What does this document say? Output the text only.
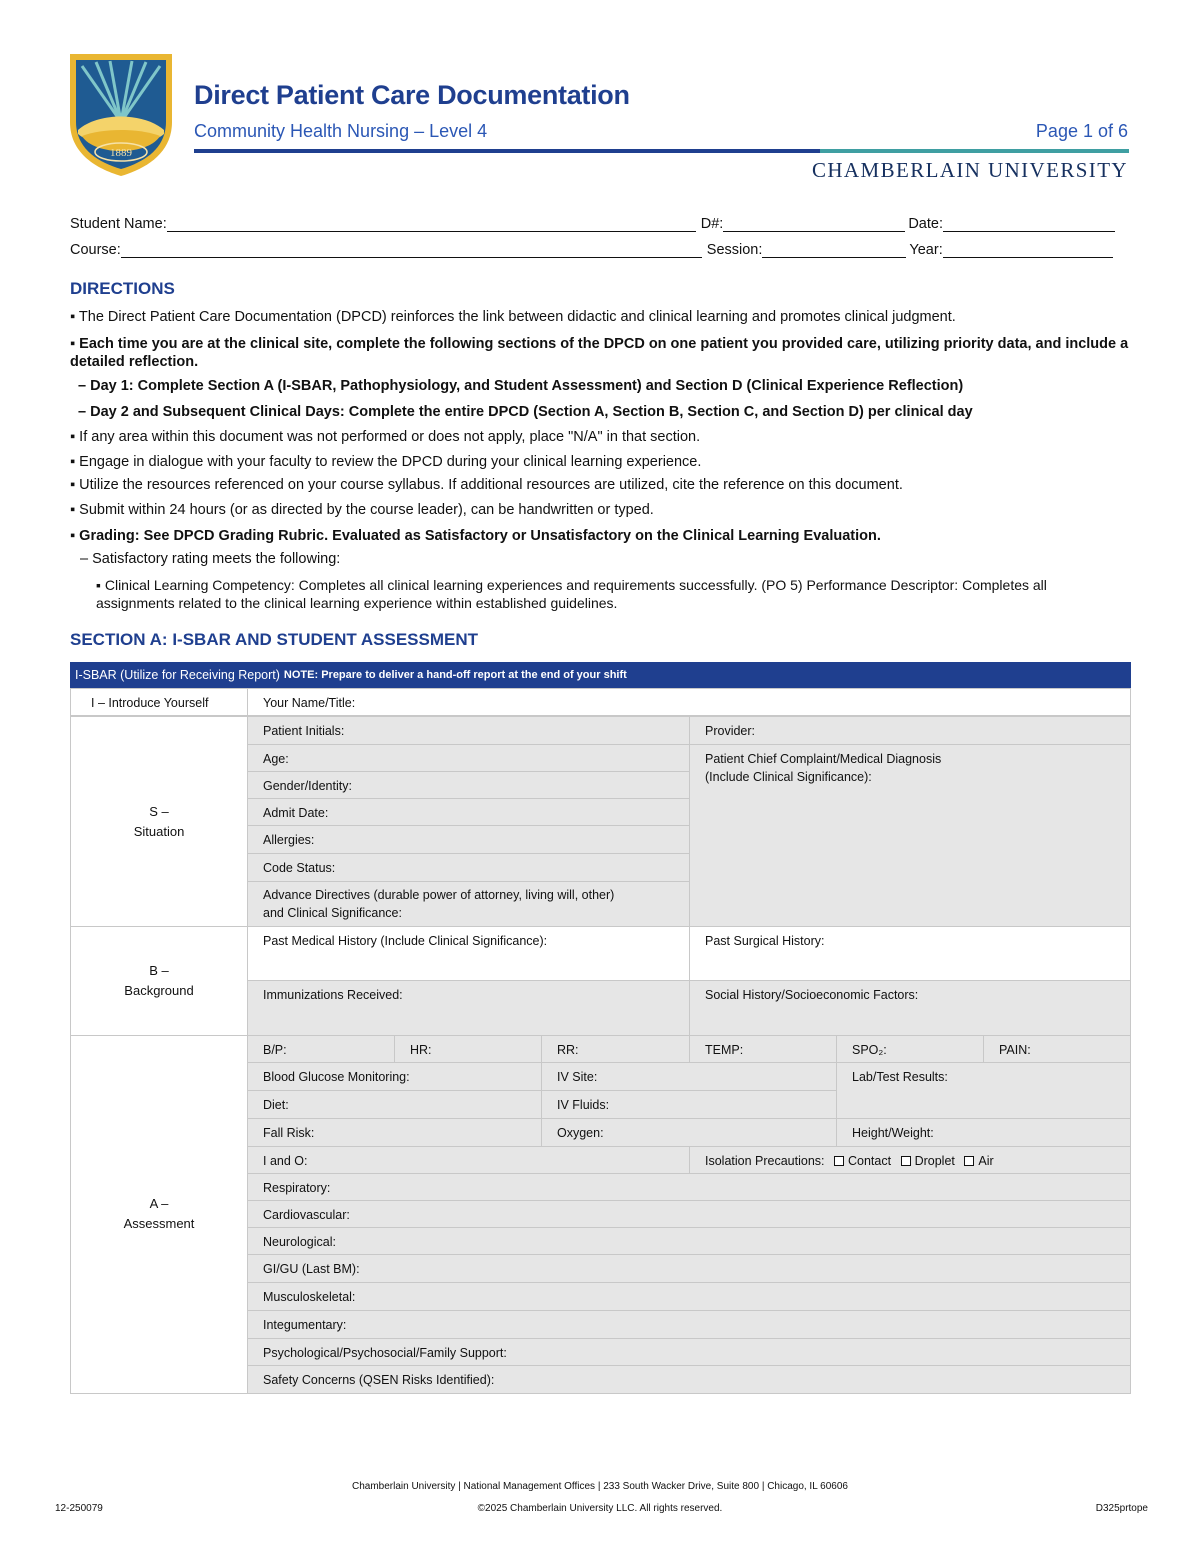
1889
Direct Patient Care Documentation
Community Health Nursing – Level 4	Page 1 of 6
CHAMBERLAIN UNIVERSITY
Student Name:	D#:	Date:
Course:	Session:	Year:
DIRECTIONS
▪ The Direct Patient Care Documentation (DPCD) reinforces the link between didactic and clinical learning and promotes clinical judgment.
▪ Each time you are at the clinical site, complete the following sections of the DPCD on one patient you provided care, utilizing priority data, and include a detailed reflection.
– Day 1: Complete Section A (I-SBAR, Pathophysiology, and Student Assessment) and Section D (Clinical Experience Reflection)
– Day 2 and Subsequent Clinical Days: Complete the entire DPCD (Section A, Section B, Section C, and Section D) per clinical day
▪ If any area within this document was not performed or does not apply, place "N/A" in that section.
▪ Engage in dialogue with your faculty to review the DPCD during your clinical learning experience.
▪ Utilize the resources referenced on your course syllabus. If additional resources are utilized, cite the reference on this document.
▪ Submit within 24 hours (or as directed by the course leader), can be handwritten or typed.
▪ Grading: See DPCD Grading Rubric. Evaluated as Satisfactory or Unsatisfactory on the Clinical Learning Evaluation.
– Satisfactory rating meets the following:
▪ Clinical Learning Competency: Completes all clinical learning experiences and requirements successfully. (PO 5) Performance Descriptor: Completes all assignments related to the clinical learning experience within established guidelines.
SECTION A: I-SBAR AND STUDENT ASSESSMENT
I-SBAR (Utilize for Receiving Report) NOTE: Prepare to deliver a hand-off report at the end of your shift
I – Introduce Yourself	Your Name/Title:
S –
Situation
Patient Initials:	Provider:
Age:	Patient Chief Complaint/Medical Diagnosis
(Include Clinical Significance):
Gender/Identity:
Admit Date:
Allergies:
Code Status:
Advance Directives (durable power of attorney, living will, other)
and Clinical Significance:
B –
Background
Past Medical History (Include Clinical Significance):	Past Surgical History:
Immunizations Received:	Social History/Socioeconomic Factors:
A –
Assessment
B/P:	HR:	RR:	TEMP:	SPO₂:	PAIN:
Blood Glucose Monitoring:	IV Site:	Lab/Test Results:
Diet:	IV Fluids:
Fall Risk:	Oxygen:	Height/Weight:
I and O:	Isolation Precautions: Contact Droplet Air
Respiratory:
Cardiovascular:
Neurological:
GI/GU (Last BM):
Musculoskeletal:
Integumentary:
Psychological/Psychosocial/Family Support:
Safety Concerns (QSEN Risks Identified):
Chamberlain University | National Management Offices | 233 South Wacker Drive, Suite 800 | Chicago, IL 60606
©2025 Chamberlain University LLC. All rights reserved.
12-250079	D325prtope
